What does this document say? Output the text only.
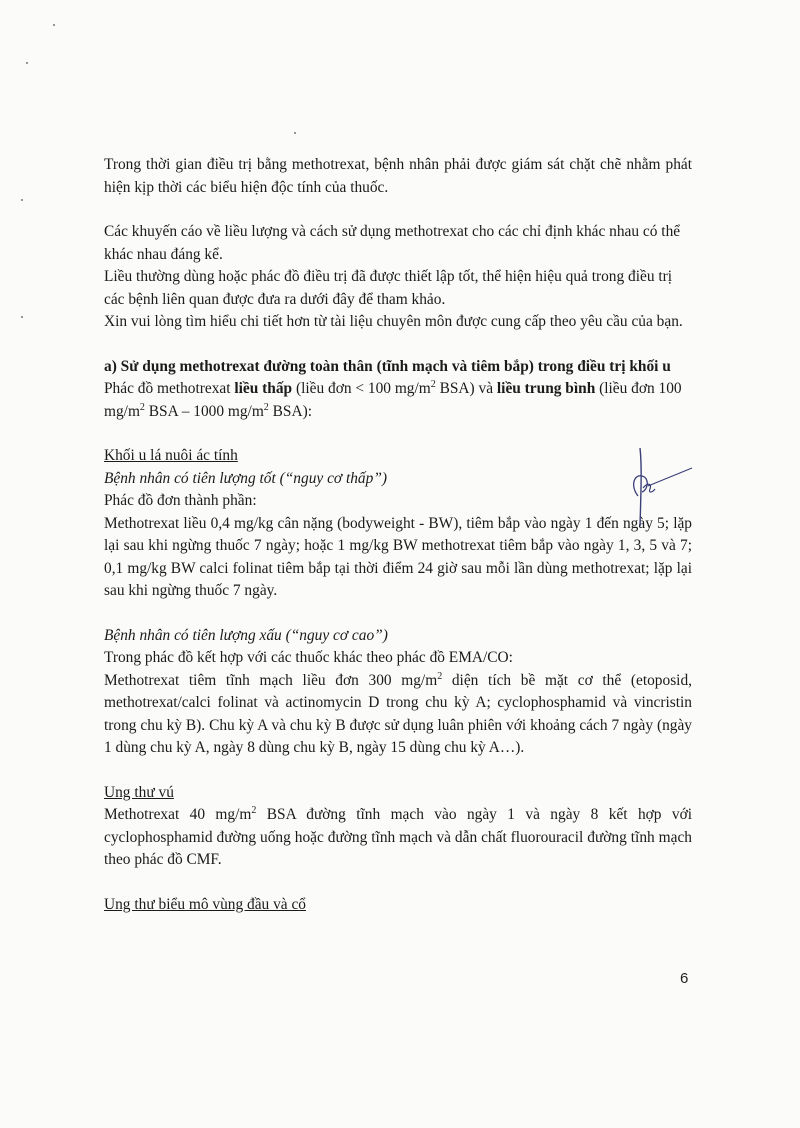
Trong thời gian điều trị bằng methotrexat, bệnh nhân phải được giám sát chặt chẽ nhằm phát hiện kịp thời các biểu hiện độc tính của thuốc.

Các khuyến cáo về liều lượng và cách sử dụng methotrexat cho các chỉ định khác nhau có thể khác nhau đáng kể.

Liều thường dùng hoặc phác đồ điều trị đã được thiết lập tốt, thể hiện hiệu quả trong điều trị các bệnh liên quan được đưa ra dưới đây để tham khảo.

Xin vui lòng tìm hiểu chi tiết hơn từ tài liệu chuyên môn được cung cấp theo yêu cầu của bạn.

a) Sử dụng methotrexat đường toàn thân (tĩnh mạch và tiêm bắp) trong điều trị khối u

Phác đồ methotrexat liều thấp (liều đơn < 100 $mg/m^2$ BSA) và liều trung bình (liều đơn 100 $mg/m^2$ BSA – 1000 $mg/m^2$ BSA):

Khối u lá nuôi ác tính

Bệnh nhân có tiên lượng tốt (“nguy cơ thấp”)

Phác đồ đơn thành phần:

Methotrexat liều 0,4 mg/kg cân nặng (bodyweight - BW), tiêm bắp vào ngày 1 đến ngày 5; lặp lại sau khi ngừng thuốc 7 ngày; hoặc 1 mg/kg BW methotrexat tiêm bắp vào ngày 1, 3, 5 và 7; 0,1 mg/kg BW calci folinat tiêm bắp tại thời điểm 24 giờ sau mỗi lần dùng methotrexat; lặp lại sau khi ngừng thuốc 7 ngày.

Bệnh nhân có tiên lượng xấu (“nguy cơ cao”)

Trong phác đồ kết hợp với các thuốc khác theo phác đồ EMA/CO:

Methotrexat tiêm tĩnh mạch liều đơn 300 $mg/m^2$ diện tích bề mặt cơ thể (etoposid, methotrexat/calci folinat và actinomycin D trong chu kỳ A; cyclophosphamid và vincristin trong chu kỳ B). Chu kỳ A và chu kỳ B được sử dụng luân phiên với khoảng cách 7 ngày (ngày 1 dùng chu kỳ A, ngày 8 dùng chu kỳ B, ngày 15 dùng chu kỳ A…).

Ung thư vú

Methotrexat 40 $mg/m^2$ BSA đường tĩnh mạch vào ngày 1 và ngày 8 kết hợp với cyclophosphamid đường uống hoặc đường tĩnh mạch và dẫn chất fluorouracil đường tĩnh mạch theo phác đồ CMF.

Ung thư biểu mô vùng đầu và cổ

6
